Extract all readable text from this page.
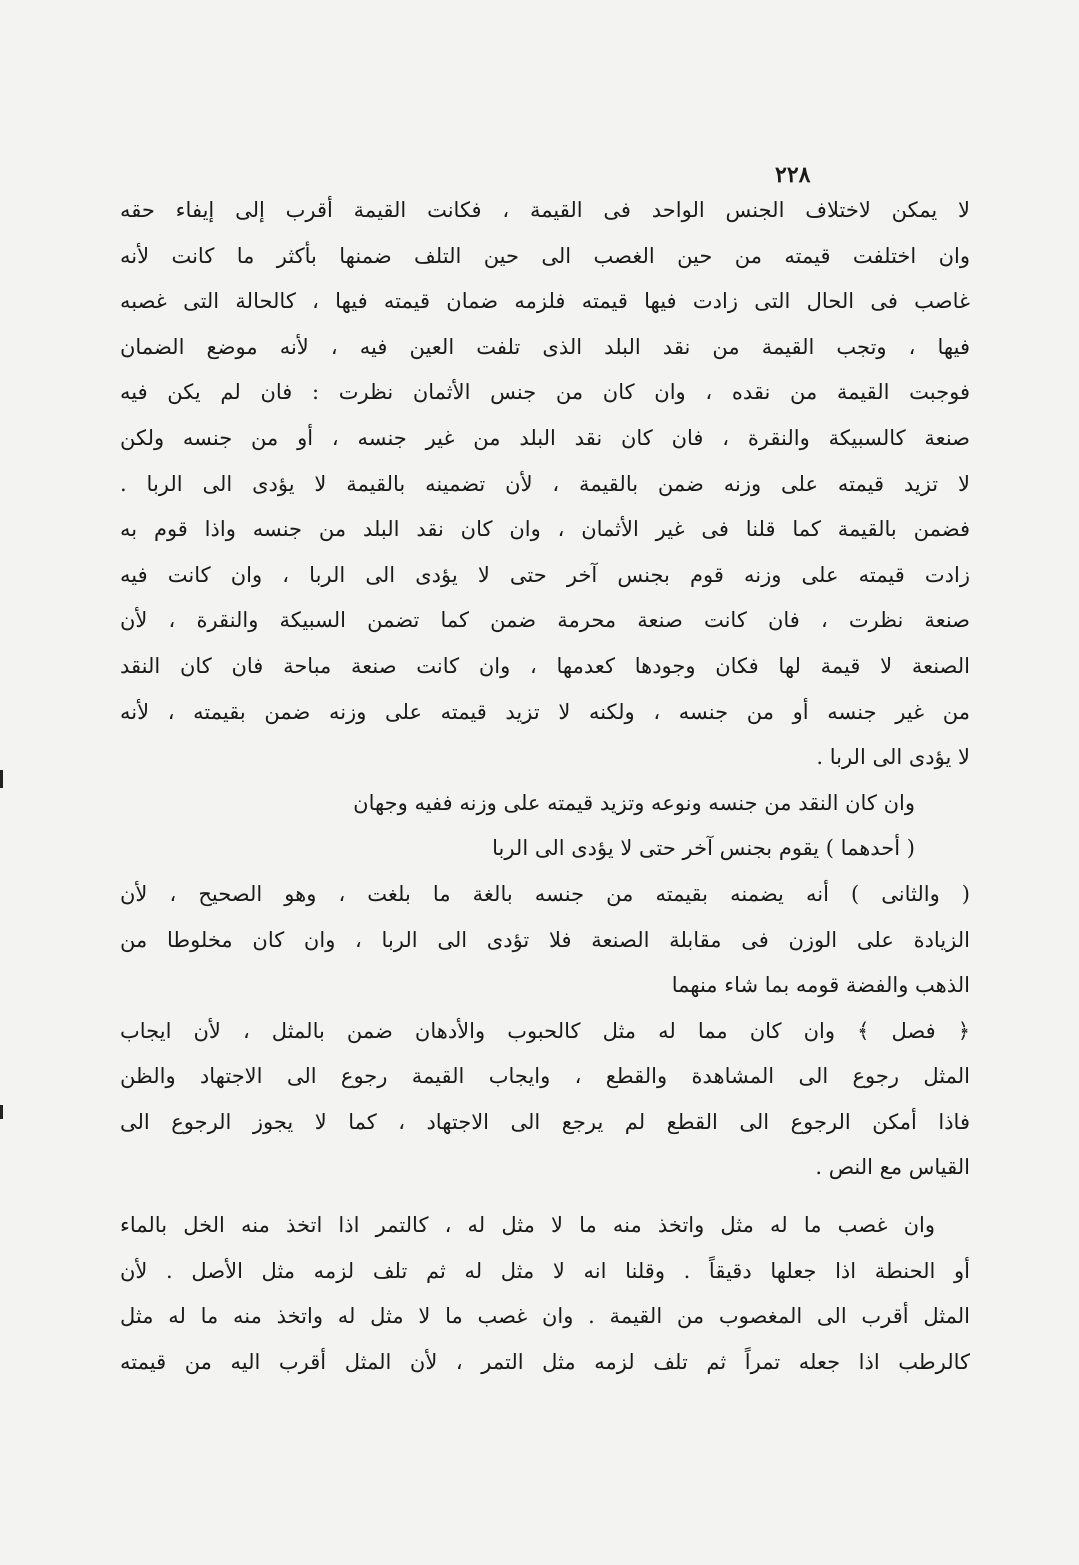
٢٢٨
لا يمكن لاختلاف الجنس الواحد فى القيمة ، فكانت القيمة أقرب إلى إيفاء حقه
وان اختلفت قيمته من حين الغصب الى حين التلف ضمنها بأكثر ما كانت لأنه
غاصب فى الحال التى زادت فيها قيمته فلزمه ضمان قيمته فيها ، كالحالة التى غصبه
فيها ، وتجب القيمة من نقد البلد الذى تلفت العين فيه ، لأنه موضع الضمان
فوجبت القيمة من نقده ، وان كان من جنس الأثمان نظرت : فان لم يكن فيه
صنعة كالسبيكة والنقرة ، فان كان نقد البلد من غير جنسه ، أو من جنسه ولكن
لا تزيد قيمته على وزنه ضمن بالقيمة ، لأن تضمينه بالقيمة لا يؤدى الى الربا .
فضمن بالقيمة كما قلنا فى غير الأثمان ، وان كان نقد البلد من جنسه واذا قوم به
زادت قيمته على وزنه قوم بجنس آخر حتى لا يؤدى الى الربا ، وان كانت فيه
صنعة نظرت ، فان كانت صنعة محرمة ضمن كما تضمن السبيكة والنقرة ، لأن
الصنعة لا قيمة لها فكان وجودها كعدمها ، وان كانت صنعة مباحة فان كان النقد
من غير جنسه أو من جنسه ، ولكنه لا تزيد قيمته على وزنه ضمن بقيمته ، لأنه
لا يؤدى الى الربا .
وان كان النقد من جنسه ونوعه وتزيد قيمته على وزنه ففيه وجهان
( أحدهما ) يقوم بجنس آخر حتى لا يؤدى الى الربا
( والثانى ) أنه يضمنه بقيمته من جنسه بالغة ما بلغت ، وهو الصحيح ، لأن
الزيادة على الوزن فى مقابلة الصنعة فلا تؤدى الى الربا ، وان كان مخلوطا من
الذهب والفضة قومه بما شاء منهما
﴿ فصل ﴾ وان كان مما له مثل كالحبوب والأدهان ضمن بالمثل ، لأن ايجاب
المثل رجوع الى المشاهدة والقطع ، وايجاب القيمة رجوع الى الاجتهاد والظن
فاذا أمكن الرجوع الى القطع لم يرجع الى الاجتهاد ، كما لا يجوز الرجوع الى
القياس مع النص .
وان غصب ما له مثل واتخذ منه ما لا مثل له ، كالتمر اذا اتخذ منه الخل بالماء
أو الحنطة اذا جعلها دقيقاً . وقلنا انه لا مثل له ثم تلف لزمه مثل الأصل . لأن
المثل أقرب الى المغصوب من القيمة . وان غصب ما لا مثل له واتخذ منه ما له مثل
كالرطب اذا جعله تمراً ثم تلف لزمه مثل التمر ، لأن المثل أقرب اليه من قيمته
